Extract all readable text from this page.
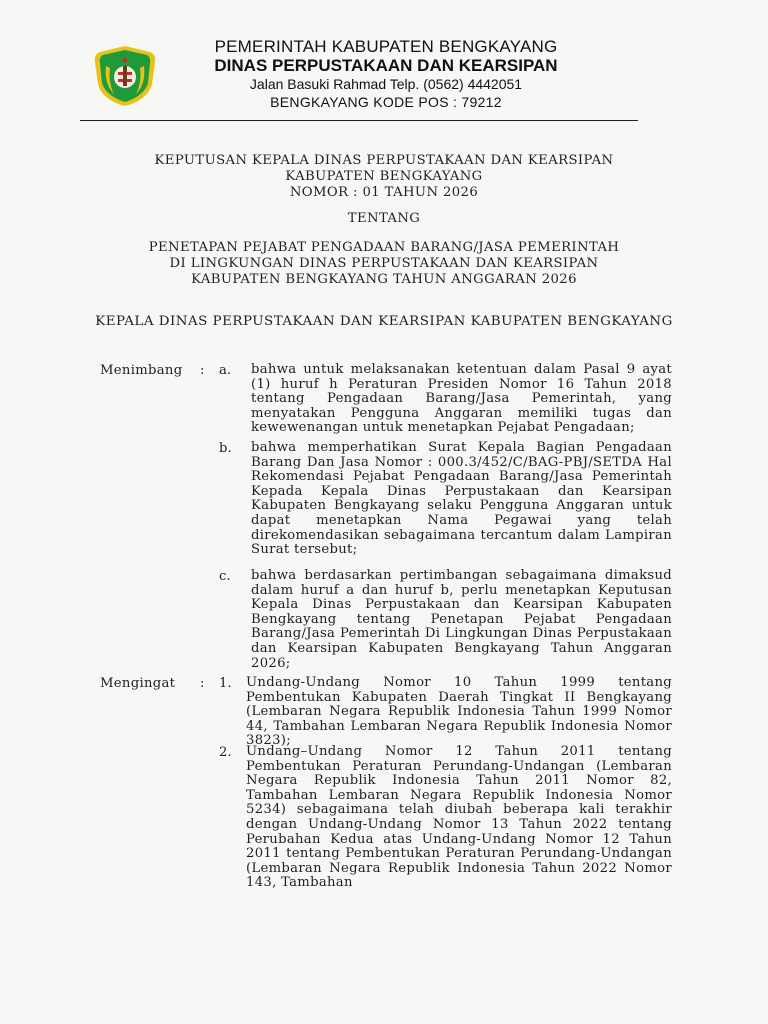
PEMERINTAH KABUPATEN BENGKAYANG
DINAS PERPUSTAKAAN DAN KEARSIPAN
Jalan Basuki Rahmad Telp. (0562) 4442051
BENGKAYANG KODE POS : 79212
KEPUTUSAN KEPALA DINAS PERPUSTAKAAN DAN KEARSIPAN
KABUPATEN BENGKAYANG
NOMOR : 01 TAHUN 2026
TENTANG
PENETAPAN PEJABAT PENGADAAN BARANG/JASA PEMERINTAH
DI LINGKUNGAN DINAS PERPUSTAKAAN DAN KEARSIPAN
KABUPATEN BENGKAYANG TAHUN ANGGARAN 2026
KEPALA DINAS PERPUSTAKAAN DAN KEARSIPAN KABUPATEN BENGKAYANG
Menimbang : a. bahwa untuk melaksanakan ketentuan dalam Pasal 9 ayat (1) huruf h Peraturan Presiden Nomor 16 Tahun 2018 tentang Pengadaan Barang/Jasa Pemerintah, yang menyatakan Pengguna Anggaran memiliki tugas dan kewewenangan untuk menetapkan Pejabat Pengadaan;
b. bahwa memperhatikan Surat Kepala Bagian Pengadaan Barang Dan Jasa Nomor : 000.3/452/C/BAG-PBJ/SETDA Hal Rekomendasi Pejabat Pengadaan Barang/Jasa Pemerintah Kepada Kepala Dinas Perpustakaan dan Kearsipan Kabupaten Bengkayang selaku Pengguna Anggaran untuk dapat menetapkan Nama Pegawai yang telah direkomendasikan sebagaimana tercantum dalam Lampiran Surat tersebut;
c. bahwa berdasarkan pertimbangan sebagaimana dimaksud dalam huruf a dan huruf b, perlu menetapkan Keputusan Kepala Dinas Perpustakaan dan Kearsipan Kabupaten Bengkayang tentang Penetapan Pejabat Pengadaan Barang/Jasa Pemerintah Di Lingkungan Dinas Perpustakaan dan Kearsipan Kabupaten Bengkayang Tahun Anggaran 2026;
Mengingat : 1. Undang-Undang Nomor 10 Tahun 1999 tentang Pembentukan Kabupaten Daerah Tingkat II Bengkayang (Lembaran Negara Republik Indonesia Tahun 1999 Nomor 44, Tambahan Lembaran Negara Republik Indonesia Nomor 3823);
2. Undang–Undang Nomor 12 Tahun 2011 tentang Pembentukan Peraturan Perundang-Undangan (Lembaran Negara Republik Indonesia Tahun 2011 Nomor 82, Tambahan Lembaran Negara Republik Indonesia Nomor 5234) sebagaimana telah diubah beberapa kali terakhir dengan Undang-Undang Nomor 13 Tahun 2022 tentang Perubahan Kedua atas Undang-Undang Nomor 12 Tahun 2011 tentang Pembentukan Peraturan Perundang-Undangan (Lembaran Negara Republik Indonesia Tahun 2022 Nomor 143, Tambahan
